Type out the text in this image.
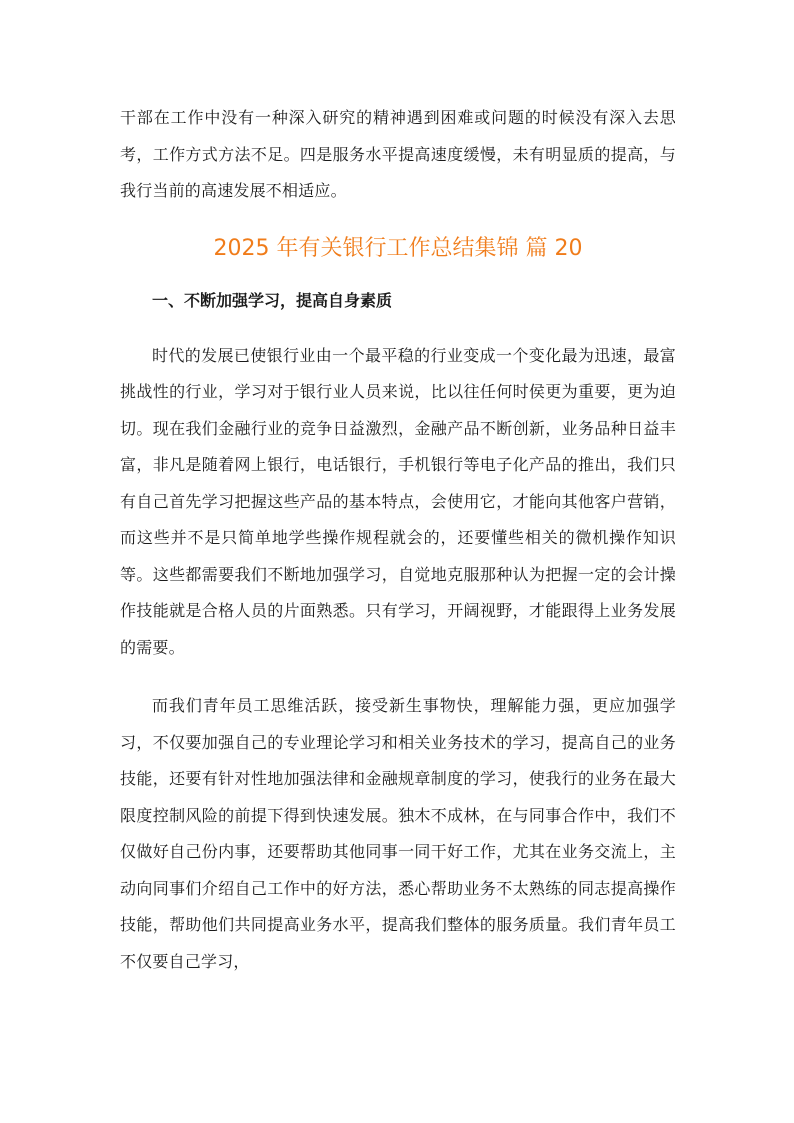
干部在工作中没有一种深入研究的精神遇到困难或问题的时候没有深入去思考，工作方式方法不足。四是服务水平提高速度缓慢，未有明显质的提高，与我行当前的高速发展不相适应。

2025 年有关银行工作总结集锦 篇 20
一、不断加强学习，提高自身素质

时代的发展已使银行业由一个最平稳的行业变成一个变化最为迅速，最富挑战性的行业，学习对于银行业人员来说，比以往任何时侯更为重要，更为迫切。现在我们金融行业的竞争日益激烈，金融产品不断创新，业务品种日益丰富，非凡是随着网上银行，电话银行，手机银行等电子化产品的推出，我们只有自己首先学习把握这些产品的基本特点，会使用它，才能向其他客户营销，而这些并不是只简单地学些操作规程就会的，还要懂些相关的微机操作知识等。这些都需要我们不断地加强学习，自觉地克服那种认为把握一定的会计操作技能就是合格人员的片面熟悉。只有学习，开阔视野，才能跟得上业务发展的需要。

而我们青年员工思维活跃，接受新生事物快，理解能力强，更应加强学习，不仅要加强自己的专业理论学习和相关业务技术的学习，提高自己的业务技能，还要有针对性地加强法律和金融规章制度的学习，使我行的业务在最大限度控制风险的前提下得到快速发展。独木不成林，在与同事合作中，我们不仅做好自己份内事，还要帮助其他同事一同干好工作，尤其在业务交流上，主动向同事们介绍自己工作中的好方法，悉心帮助业务不太熟练的同志提高操作技能，帮助他们共同提高业务水平，提高我们整体的服务质量。我们青年员工不仅要自己学习，
